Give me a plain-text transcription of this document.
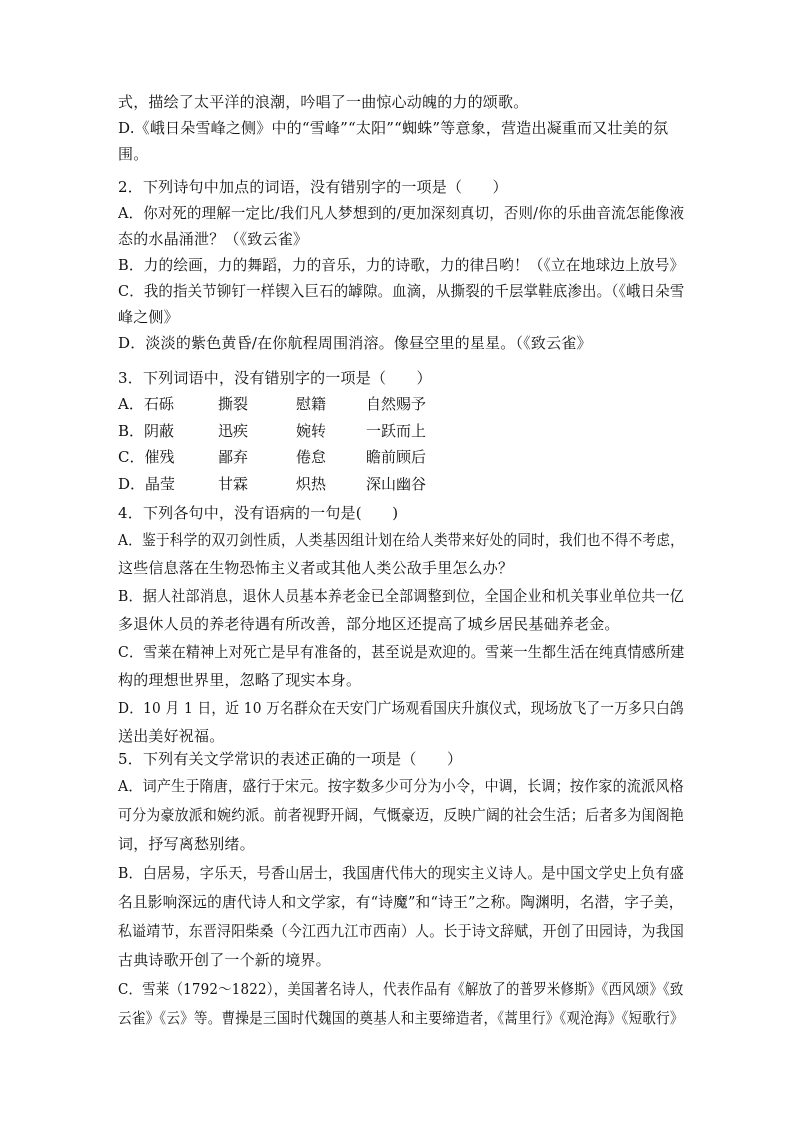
式，描绘了太平洋的浪潮，吟唱了一曲惊心动魄的力的颂歌。
D.《峨日朵雪峰之侧》中的“雪峰”“太阳”“蜘蛛”等意象，营造出凝重而又壮美的氛
围。
2．下列诗句中加点的词语，没有错别字的一项是（　　）
A．你对死的理解一定比/我们凡人梦想到的/更加深刻真切，否则/你的乐曲音流怎能像液
态的水晶涌泄？（《致云雀》
B．力的绘画，力的舞蹈，力的音乐，力的诗歌，力的律吕哟！（《立在地球边上放号》
C．我的指关节铆钉一样锲入巨石的罅隙。血滴，从撕裂的千层掌鞋底渗出。（《峨日朵雪
峰之侧》
D．淡淡的紫色黄昏/在你航程周围消溶。像昼空里的星星。（《致云雀》
3．下列词语中，没有错别字的一项是（　　）
A．石砾	撕裂	慰籍	自然赐予
B．阴蔽	迅疾	婉转	一跃而上
C．催残	鄙弃	倦怠	瞻前顾后
D．晶莹	甘霖	炽热	深山幽谷
4．下列各句中，没有语病的一句是(　　)
A．鉴于科学的双刃剑性质，人类基因组计划在给人类带来好处的同时，我们也不得不考虑，
这些信息落在生物恐怖主义者或其他人类公敌手里怎么办？
B．据人社部消息，退休人员基本养老金已全部调整到位，全国企业和机关事业单位共一亿
多退休人员的养老待遇有所改善，部分地区还提高了城乡居民基础养老金。
C．雪莱在精神上对死亡是早有准备的，甚至说是欢迎的。雪莱一生都生活在纯真情感所建
构的理想世界里，忽略了现实本身。
D．10 月 1 日，近 10 万名群众在天安门广场观看国庆升旗仪式，现场放飞了一万多只白鸽
送出美好祝福。
5．下列有关文学常识的表述正确的一项是（　　）
A．词产生于隋唐，盛行于宋元。按字数多少可分为小令，中调，长调；按作家的流派风格
可分为豪放派和婉约派。前者视野开阔，气慨豪迈，反映广阔的社会生活；后者多为闺阁艳
词，抒写离愁别绪。
B．白居易，字乐天，号香山居士，我国唐代伟大的现实主义诗人。是中国文学史上负有盛
名且影响深远的唐代诗人和文学家，有“诗魔”和“诗王”之称。陶渊明，名潜，字子美，
私谥靖节，东晋浔阳柴桑（今江西九江市西南）人。长于诗文辞赋，开创了田园诗，为我国
古典诗歌开创了一个新的境界。
C．雪莱（1792～1822），美国著名诗人，代表作品有《解放了的普罗米修斯》《西风颂》《致
云雀》《云》等。曹操是三国时代魏国的奠基人和主要缔造者，《蒿里行》《观沧海》《短歌行》
